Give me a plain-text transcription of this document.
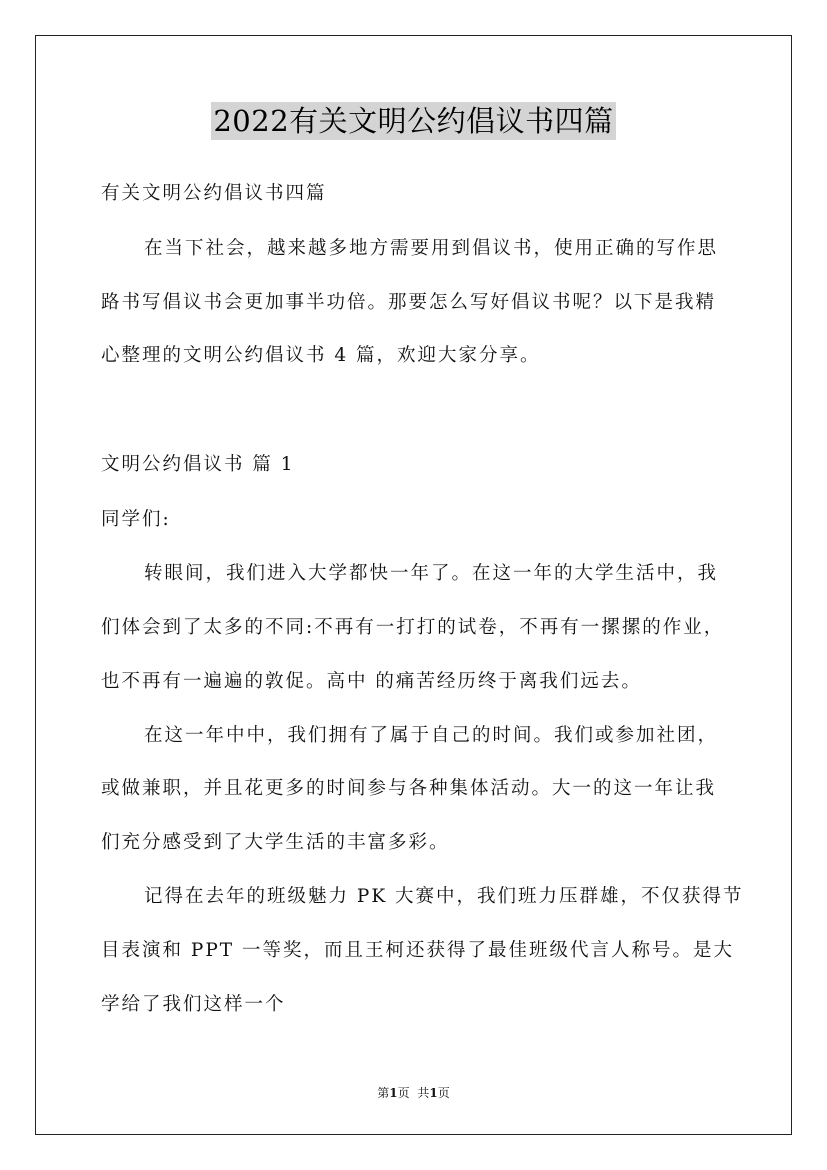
2022有关文明公约倡议书四篇
有关文明公约倡议书四篇
在当下社会，越来越多地方需要用到倡议书，使用正确的写作思
路书写倡议书会更加事半功倍。那要怎么写好倡议书呢？以下是我精
心整理的文明公约倡议书 4 篇，欢迎大家分享。
文明公约倡议书 篇 1
同学们:
转眼间，我们进入大学都快一年了。在这一年的大学生活中，我
们体会到了太多的不同:不再有一打打的试卷，不再有一摞摞的作业，
也不再有一遍遍的敦促。高中 的痛苦经历终于离我们远去。
在这一年中中，我们拥有了属于自己的时间。我们或参加社团，
或做兼职，并且花更多的时间参与各种集体活动。大一的这一年让我
们充分感受到了大学生活的丰富多彩。
记得在去年的班级魅力 PK 大赛中，我们班力压群雄，不仅获得节
目表演和 PPT 一等奖，而且王柯还获得了最佳班级代言人称号。是大
学给了我们这样一个
第1页 共1页
